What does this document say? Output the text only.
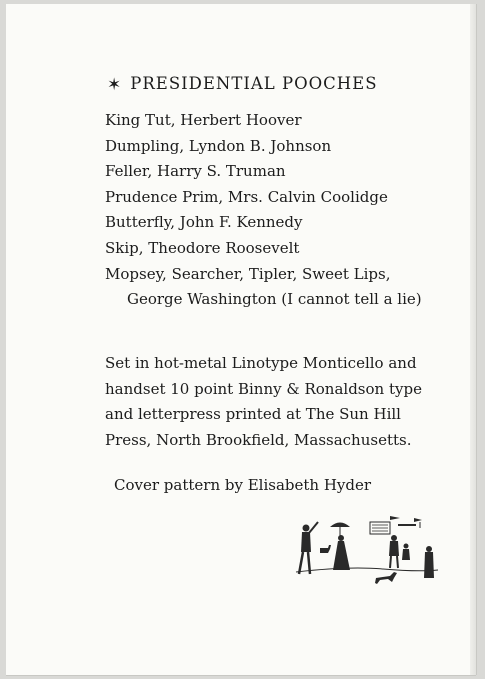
✶ PRESIDENTIAL POOCHES
King Tut, Herbert Hoover
Dumpling, Lyndon B. Johnson
Feller, Harry S. Truman
Prudence Prim, Mrs. Calvin Coolidge
Butterfly, John F. Kennedy
Skip, Theodore Roosevelt
Mopsey, Searcher, Tipler, Sweet Lips,
George Washington (I cannot tell a lie)
Set in hot-metal Linotype Monticello and
handset 10 point Binny & Ronaldson type
and letterpress printed at The Sun Hill
Press, North Brookfield, Massachusetts.
Cover pattern by Elisabeth Hyder
